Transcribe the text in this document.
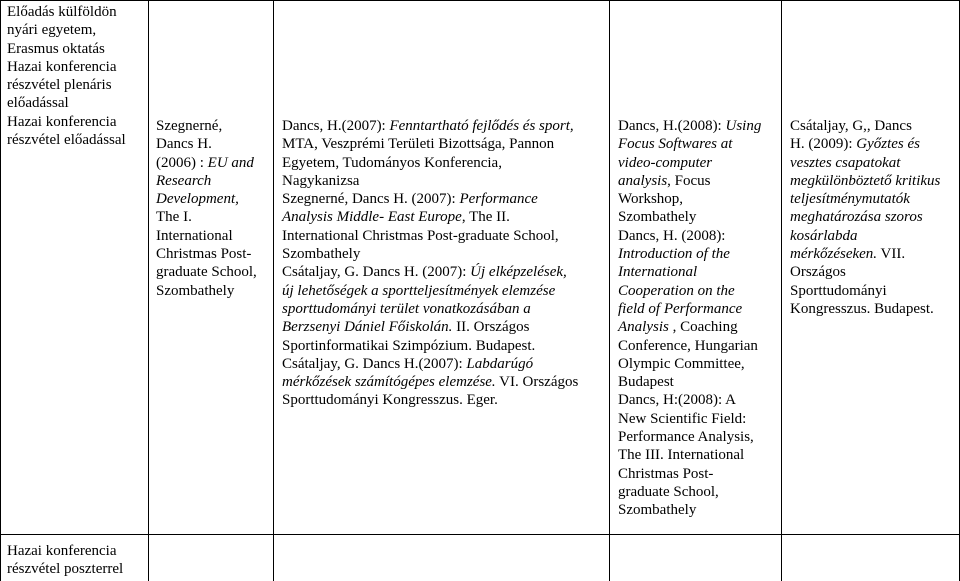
Előadás külföldön

nyári egyetem,

Erasmus oktatás

Hazai konferencia

részvétel plenáris

előadással

Hazai konferencia

részvétel előadással

Hazai konferencia

részvétel poszterrel

Szegnerné,

Dancs H.

(2006) : EU and

Research

Development,

The I.

International

Christmas Post-

graduate School,

Szombathely

Dancs, H.(2007): Fenntartható fejlődés és sport,

MTA, Veszprémi Területi Bizottsága, Pannon

Egyetem, Tudományos Konferencia,

Nagykanizsa

Szegnerné, Dancs H. (2007): Performance

Analysis Middle- East Europe, The II.

International Christmas Post-graduate School,

Szombathely

Csátaljay, G. Dancs H. (2007): Új elképzelések,

új lehetőségek a sportteljesítmények elemzése

sporttudományi terület vonatkozásában a

Berzsenyi Dániel Főiskolán. II. Országos

Sportinformatikai Szimpózium. Budapest.

Csátaljay, G. Dancs H.(2007): Labdarúgó

mérkőzések számítógépes elemzése. VI. Országos

Sporttudományi Kongresszus. Eger.

Dancs, H.(2008): Using

Focus Softwares at

video-computer

analysis, Focus

Workshop,

Szombathely

Dancs, H. (2008):

Introduction of the

International

Cooperation on the

field of Performance

Analysis , Coaching

Conference, Hungarian

Olympic Committee,

Budapest

Dancs, H:(2008): A

New Scientific Field:

Performance Analysis,

The III. International

Christmas Post-

graduate School,

Szombathely

Csátaljay, G,, Dancs

H. (2009): Győztes és

vesztes csapatokat

megkülönböztető kritikus

teljesítménymutatók

meghatározása szoros

kosárlabda

mérkőzéseken. VII.

Országos

Sporttudományi

Kongresszus. Budapest.
